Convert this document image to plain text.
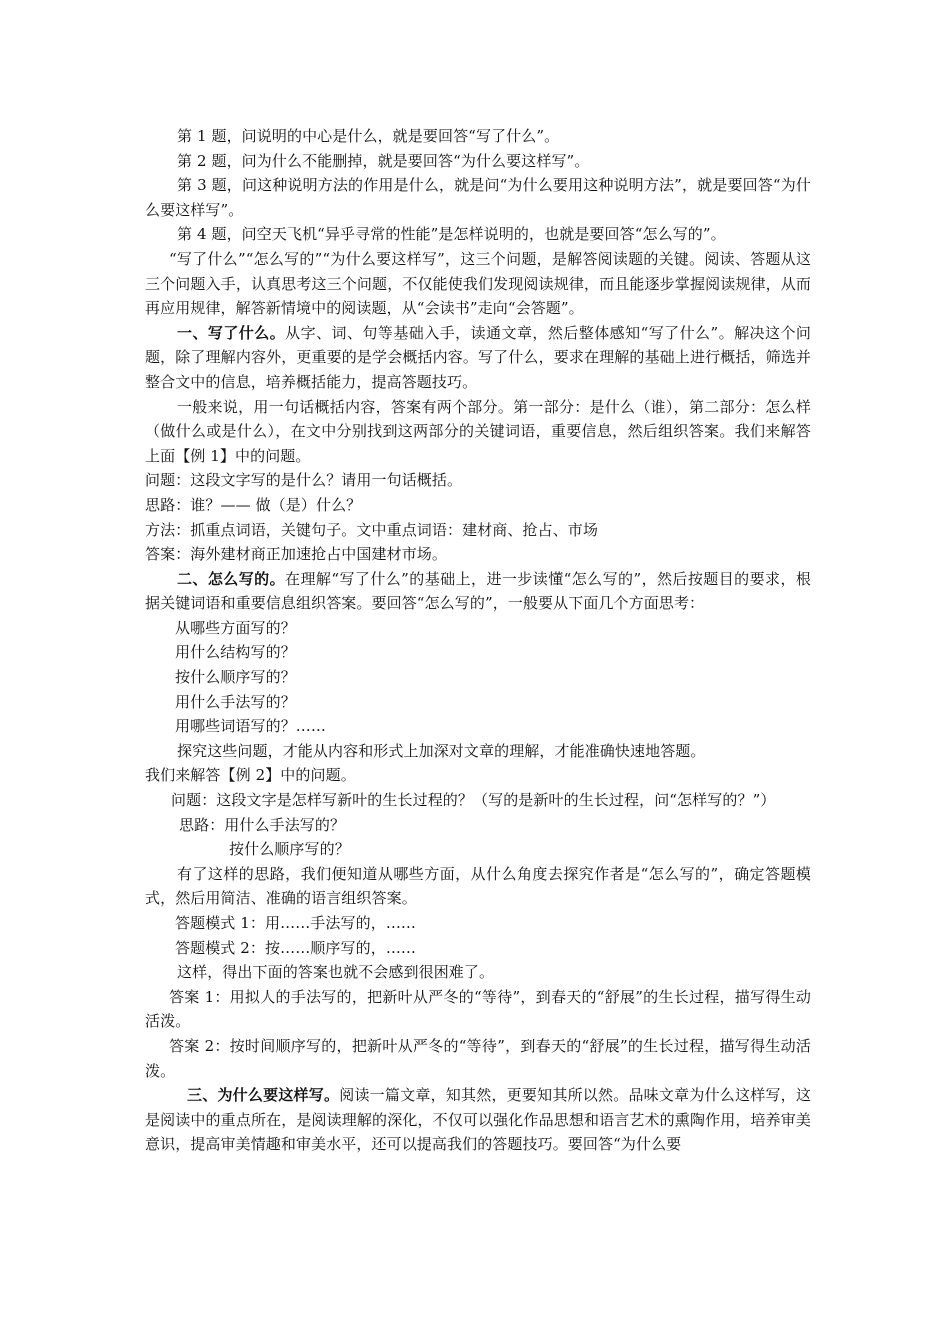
第 1 题，问说明的中心是什么，就是要回答“写了什么”。

第 2 题，问为什么不能删掉，就是要回答“为什么要这样写”。

第 3 题，问这种说明方法的作用是什么，就是问“为什么要用这种说明方法”，就是要回答“为什么要这样写”。

第 4 题，问空天飞机“异乎寻常的性能”是怎样说明的，也就是要回答“怎么写的”。

“写了什么”“怎么写的”“为什么要这样写”，这三个问题，是解答阅读题的关键。阅读、答题从这三个问题入手，认真思考这三个问题，不仅能使我们发现阅读规律，而且能逐步掌握阅读规律，从而再应用规律，解答新情境中的阅读题，从“会读书”走向“会答题”。

一、写了什么。从字、词、句等基础入手，读通文章，然后整体感知“写了什么”。解决这个问题，除了理解内容外，更重要的是学会概括内容。写了什么，要求在理解的基础上进行概括，筛选并整合文中的信息，培养概括能力，提高答题技巧。

一般来说，用一句话概括内容，答案有两个部分。第一部分：是什么（谁），第二部分：怎么样（做什么或是什么），在文中分别找到这两部分的关键词语，重要信息，然后组织答案。我们来解答上面【例 1】中的问题。

问题：这段文字写的是什么？请用一句话概括。

思路：谁？—— 做（是）什么？

方法：抓重点词语，关键句子。文中重点词语：建材商、抢占、市场

答案：海外建材商正加速抢占中国建材市场。

二、怎么写的。在理解“写了什么”的基础上，进一步读懂“怎么写的”，然后按题目的要求，根据关键词语和重要信息组织答案。要回答“怎么写的”，一般要从下面几个方面思考：

从哪些方面写的？

用什么结构写的？

按什么顺序写的？

用什么手法写的？

用哪些词语写的？……

探究这些问题，才能从内容和形式上加深对文章的理解，才能准确快速地答题。

我们来解答【例 2】中的问题。

问题：这段文字是怎样写新叶的生长过程的？（写的是新叶的生长过程，问“怎样写的？”）

思路：用什么手法写的？

按什么顺序写的？

有了这样的思路，我们便知道从哪些方面，从什么角度去探究作者是“怎么写的”，确定答题模式，然后用简洁、准确的语言组织答案。

答题模式 1：用……手法写的，……

答题模式 2：按……顺序写的，……

这样，得出下面的答案也就不会感到很困难了。

答案 1：用拟人的手法写的，把新叶从严冬的“等待”，到春天的“舒展”的生长过程，描写得生动活泼。

答案 2：按时间顺序写的，把新叶从严冬的“等待”，到春天的“舒展”的生长过程，描写得生动活泼。

三、为什么要这样写。阅读一篇文章，知其然，更要知其所以然。品味文章为什么这样写，这是阅读中的重点所在，是阅读理解的深化，不仅可以强化作品思想和语言艺术的熏陶作用，培养审美意识，提高审美情趣和审美水平，还可以提高我们的答题技巧。要回答“为什么要
